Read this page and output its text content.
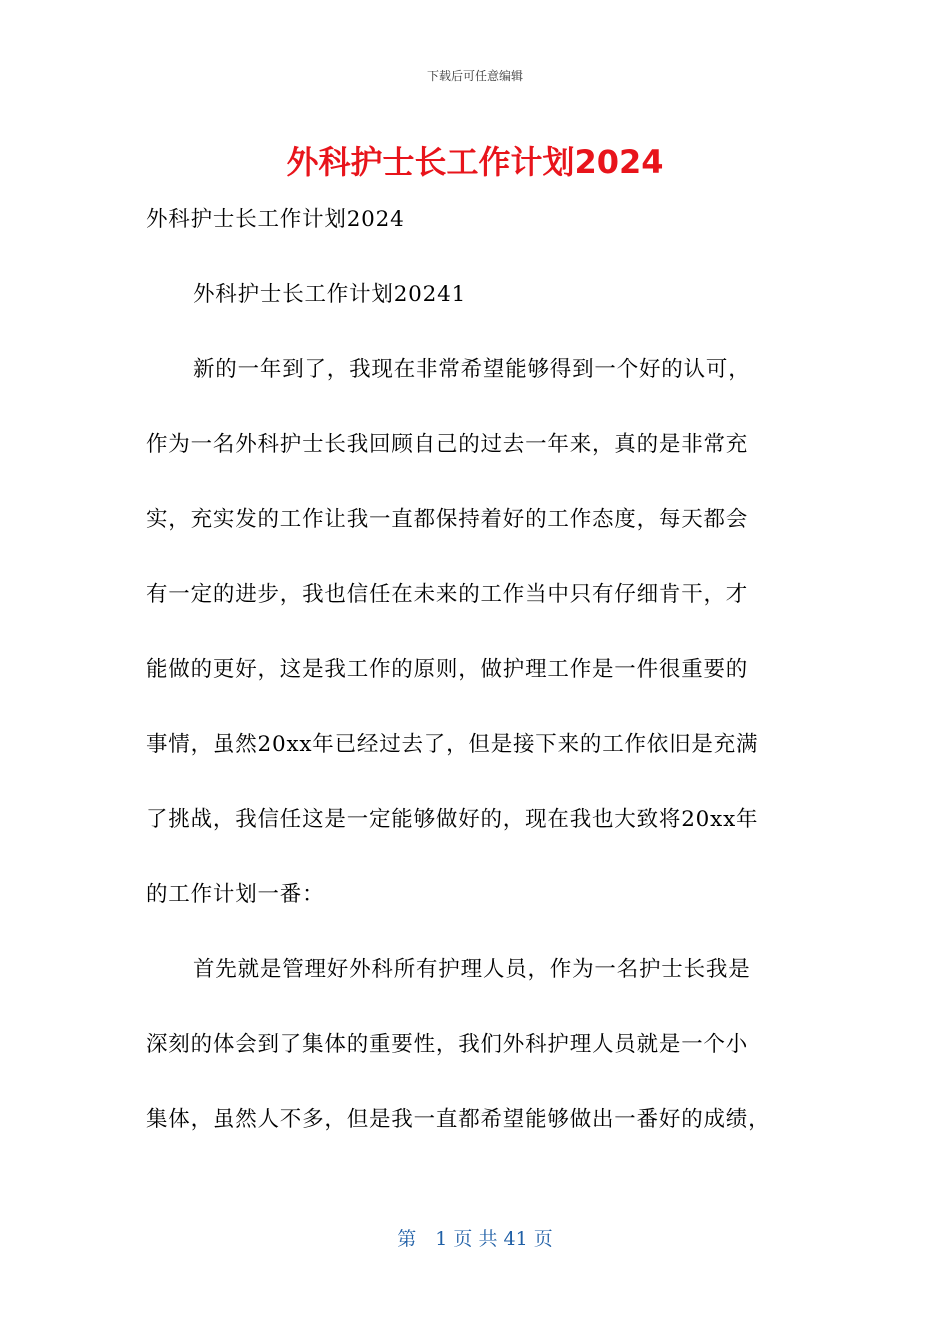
下载后可任意编辑
外科护士长工作计划2024
外科护士长工作计划2024
外科护士长工作计划20241
新的一年到了，我现在非常希望能够得到一个好的认可，
作为一名外科护士长我回顾自己的过去一年来，真的是非常充
实，充实发的工作让我一直都保持着好的工作态度，每天都会
有一定的进步，我也信任在未来的工作当中只有仔细肯干，才
能做的更好，这是我工作的原则，做护理工作是一件很重要的
事情，虽然20xx年已经过去了，但是接下来的工作依旧是充满
了挑战，我信任这是一定能够做好的，现在我也大致将20xx年
的工作计划一番：
首先就是管理好外科所有护理人员，作为一名护士长我是
深刻的体会到了集体的重要性，我们外科护理人员就是一个小
集体，虽然人不多，但是我一直都希望能够做出一番好的成绩，
第　1 页 共 41 页
